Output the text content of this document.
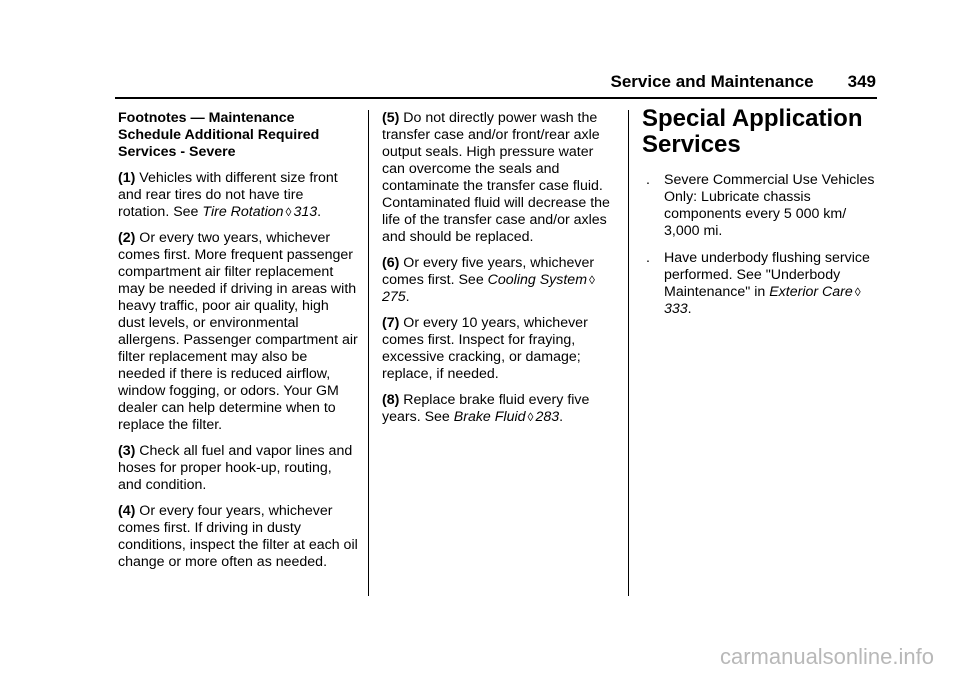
Service and Maintenance 349

Footnotes — Maintenance Schedule Additional Required Services - Severe

(1) Vehicles with different size front and rear tires do not have tire rotation. See Tire Rotation ◊ 313.

(2) Or every two years, whichever comes first. More frequent passenger compartment air filter replacement may be needed if driving in areas with heavy traffic, poor air quality, high dust levels, or environmental allergens. Passenger compartment air filter replacement may also be needed if there is reduced airflow, window fogging, or odors. Your GM dealer can help determine when to replace the filter.

(3) Check all fuel and vapor lines and hoses for proper hook-up, routing, and condition.

(4) Or every four years, whichever comes first. If driving in dusty conditions, inspect the filter at each oil change or more often as needed.

(5) Do not directly power wash the transfer case and/or front/rear axle output seals. High pressure water can overcome the seals and contaminate the transfer case fluid. Contaminated fluid will decrease the life of the transfer case and/or axles and should be replaced.

(6) Or every five years, whichever comes first. See Cooling System ◊275.

(7) Or every 10 years, whichever comes first. Inspect for fraying, excessive cracking, or damage; replace, if needed.

(8) Replace brake fluid every five years. See Brake Fluid ◊ 283.

Special Application Services
. Severe Commercial Use Vehicles Only: Lubricate chassis components every 5 000 km/ 3,000 mi.
. Have underbody flushing service performed. See "Underbody Maintenance" in Exterior Care ◊333.
carmanualsonline.info
